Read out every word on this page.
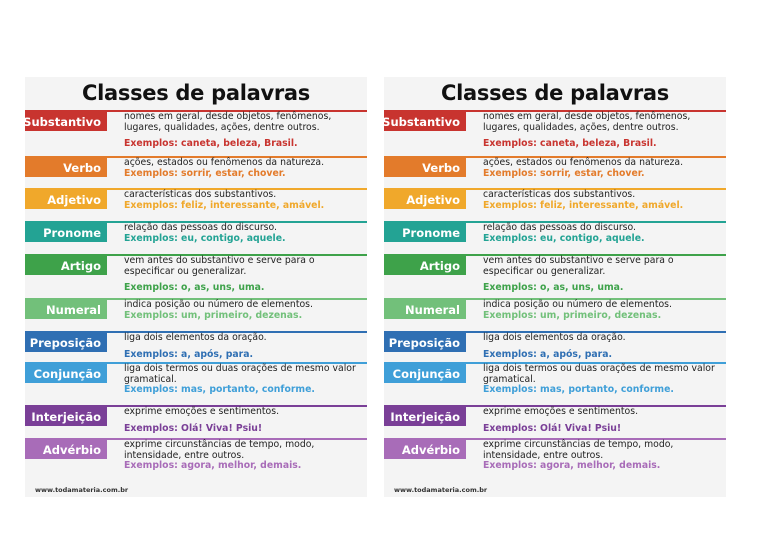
Classes de palavras
Substantivo	nomes em geral, desde objetos, fenômenos, lugares, qualidades, ações, dentre outros.
Exemplos: caneta, beleza, Brasil.
Verbo	ações, estados ou fenômenos da natureza.
Exemplos: sorrir, estar, chover.
Adjetivo	características dos substantivos.
Exemplos: feliz, interessante, amável.
Pronome	relação das pessoas do discurso.
Exemplos: eu, contigo, aquele.
Artigo	vem antes do substantivo e serve para o especificar ou generalizar.
Exemplos: o, as, uns, uma.
Numeral	indica posição ou número de elementos.
Exemplos: um, primeiro, dezenas.
Preposição	liga dois elementos da oração.
Exemplos: a, após, para.
Conjunção	liga dois termos ou duas orações de mesmo valor gramatical.
Exemplos: mas, portanto, conforme.
Interjeição	exprime emoções e sentimentos.
Exemplos: Olá! Viva! Psiu!
Advérbio	exprime circunstâncias de tempo, modo, intensidade, entre outros.
Exemplos: agora, melhor, demais.
www.todamateria.com.br
Classes de palavras
Substantivo	nomes em geral, desde objetos, fenômenos, lugares, qualidades, ações, dentre outros.
Exemplos: caneta, beleza, Brasil.
Verbo	ações, estados ou fenômenos da natureza.
Exemplos: sorrir, estar, chover.
Adjetivo	características dos substantivos.
Exemplos: feliz, interessante, amável.
Pronome	relação das pessoas do discurso.
Exemplos: eu, contigo, aquele.
Artigo	vem antes do substantivo e serve para o especificar ou generalizar.
Exemplos: o, as, uns, uma.
Numeral	indica posição ou número de elementos.
Exemplos: um, primeiro, dezenas.
Preposição	liga dois elementos da oração.
Exemplos: a, após, para.
Conjunção	liga dois termos ou duas orações de mesmo valor gramatical.
Exemplos: mas, portanto, conforme.
Interjeição	exprime emoções e sentimentos.
Exemplos: Olá! Viva! Psiu!
Advérbio	exprime circunstâncias de tempo, modo, intensidade, entre outros.
Exemplos: agora, melhor, demais.
www.todamateria.com.br
